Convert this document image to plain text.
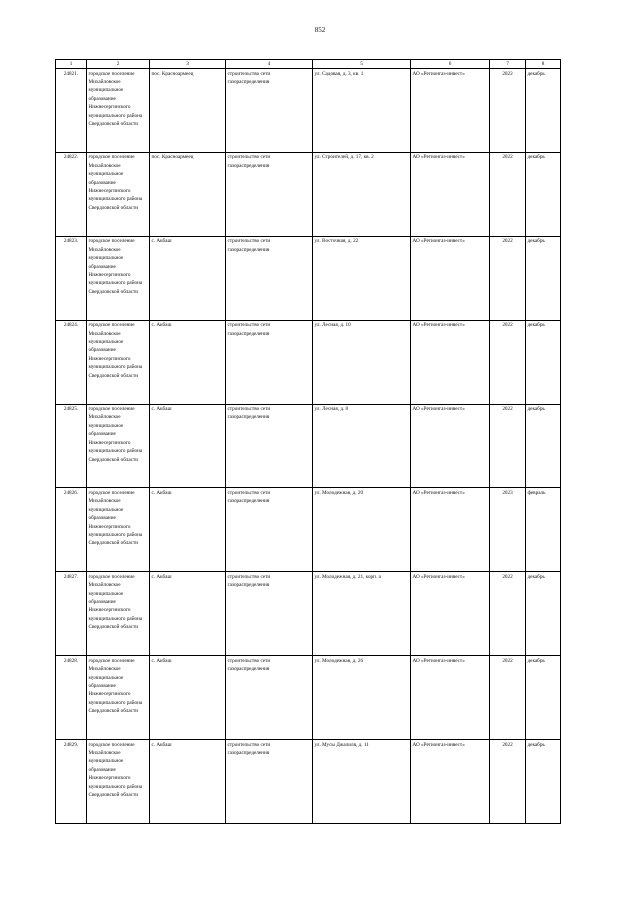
852
1	2	3	4	5	6	7	8
24821.	городское поселение Михайловское муниципальное образование Нижнесергинского муниципального района Свердловской области	пос. Красноармеец	строительство сети газораспределения	ул. Садовая, д. 3, кв. 1	АО «Регионгаз-инвест»	2022	декабрь
24822.	городское поселение Михайловское муниципальное образование Нижнесергинского муниципального района Свердловской области	пос. Красноармеец	строительство сети газораспределения	ул. Строителей, д. 17, кв. 2	АО «Регионгаз-инвест»	2022	декабрь
24823.	городское поселение Михайловское муниципальное образование Нижнесергинского муниципального района Свердловской области	с. Акбаш	строительство сети газораспределения	ул. Восточная, д. 22	АО «Регионгаз-инвест»	2022	декабрь
24824.	городское поселение Михайловское муниципальное образование Нижнесергинского муниципального района Свердловской области	с. Акбаш	строительство сети газораспределения	ул. Лесная, д. 10	АО «Регионгаз-инвест»	2022	декабрь
24825.	городское поселение Михайловское муниципальное образование Нижнесергинского муниципального района Свердловской области	с. Акбаш	строительство сети газораспределения	ул. Лесная, д. 8	АО «Регионгаз-инвест»	2022	декабрь
24826.	городское поселение Михайловское муниципальное образование Нижнесергинского муниципального района Свердловской области	с. Акбаш	строительство сети газораспределения	ул. Молодежная, д. 20	АО «Регионгаз-инвест»	2023	февраль
24827.	городское поселение Михайловское муниципальное образование Нижнесергинского муниципального района Свердловской области	с. Акбаш	строительство сети газораспределения	ул. Молодежная, д. 21, корп. а	АО «Регионгаз-инвест»	2022	декабрь
24828.	городское поселение Михайловское муниципальное образование Нижнесергинского муниципального района Свердловской области	с. Акбаш	строительство сети газораспределения	ул. Молодежная, д. 26	АО «Регионгаз-инвест»	2022	декабрь
24829.	городское поселение Михайловское муниципальное образование Нижнесергинского муниципального района Свердловской области	с. Акбаш	строительство сети газораспределения	ул. Мусы Джалиля, д. 11	АО «Регионгаз-инвест»	2022	декабрь
